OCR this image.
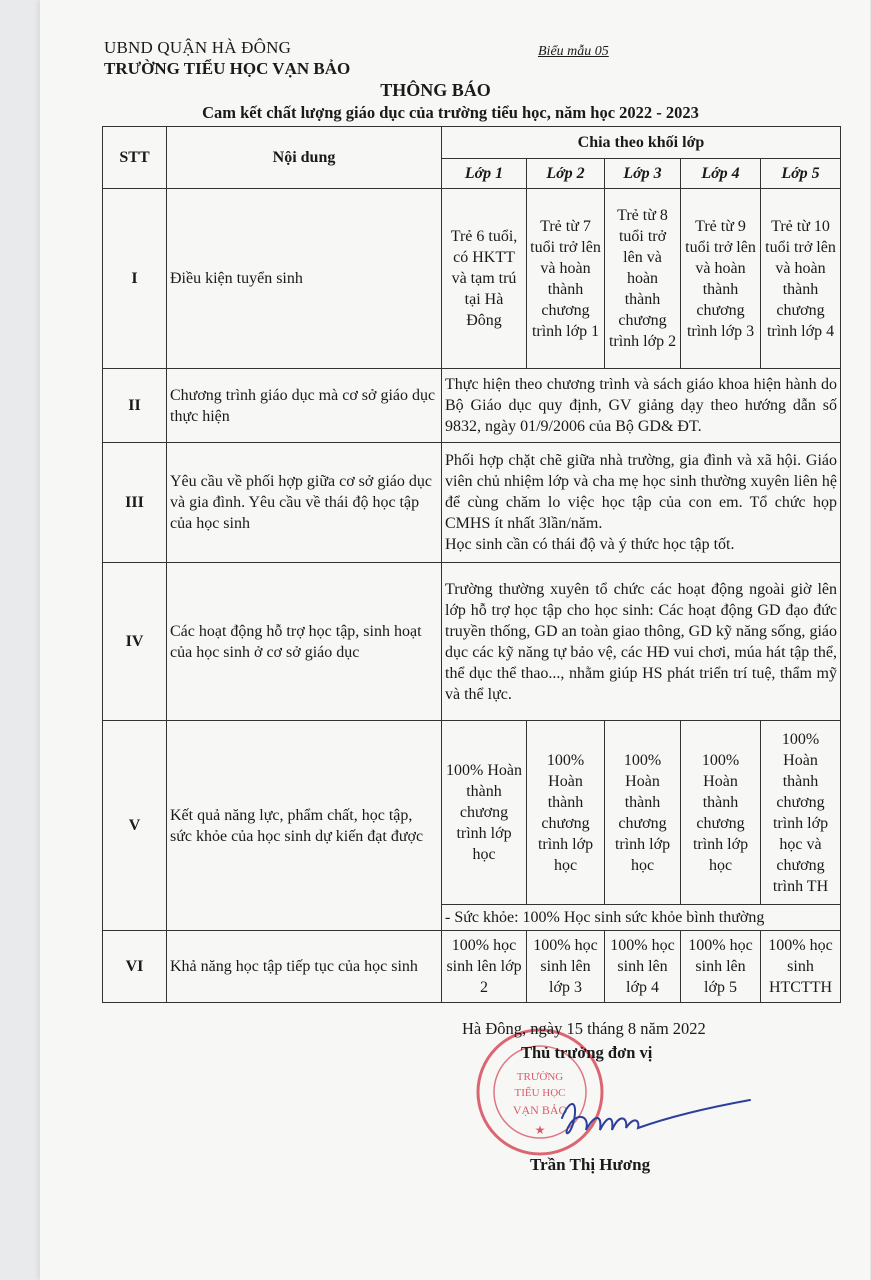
UBND QUẬN HÀ ĐÔNG
TRƯỜNG TIỂU HỌC VẠN BẢO
Biểu mẫu 05
THÔNG BÁO
Cam kết chất lượng giáo dục của trường tiểu học, năm học 2022 - 2023
STT	Nội dung	Chia theo khối lớp				
		Lớp 1	Lớp 2	Lớp 3	Lớp 4	Lớp 5
I	Điều kiện tuyển sinh	Trẻ 6 tuổi, có HKTT và tạm trú tại Hà Đông	Trẻ từ 7 tuổi trở lên và hoàn thành chương trình lớp 1	Trẻ từ 8 tuổi trở lên và hoàn thành chương trình lớp 2	Trẻ từ 9 tuổi trở lên và hoàn thành chương trình lớp 3	Trẻ từ 10 tuổi trở lên và hoàn thành chương trình lớp 4
II	Chương trình giáo dục mà cơ sở giáo dục thực hiện	Thực hiện theo chương trình và sách giáo khoa hiện hành do Bộ Giáo dục quy định, GV giảng dạy theo hướng dẫn số 9832, ngày 01/9/2006 của Bộ GD& ĐT.				
III	Yêu cầu về phối hợp giữa cơ sở giáo dục và gia đình. Yêu cầu về thái độ học tập của học sinh	Phối hợp chặt chẽ giữa nhà trường, gia đình và xã hội. Giáo viên chủ nhiệm lớp và cha mẹ học sinh thường xuyên liên hệ để cùng chăm lo việc học tập của con em. Tổ chức họp CMHS ít nhất 3lần/năm.
Học sinh cần có thái độ và ý thức học tập tốt.				

IV	Các hoạt động hỗ trợ học tập, sinh hoạt của học sinh ở cơ sở giáo dục	Trường thường xuyên tổ chức các hoạt động ngoài giờ lên lớp hỗ trợ học tập cho học sinh: Các hoạt động GD đạo đức truyền thống, GD an toàn giao thông, GD kỹ năng sống, giáo dục các kỹ năng tự bảo vệ, các HĐ vui chơi, múa hát tập thể, thể dục thể thao..., nhằm giúp HS phát triển trí tuệ, thẩm mỹ và thể lực.				
V	Kết quả năng lực, phẩm chất, học tập, sức khỏe của học sinh dự kiến đạt được	100% Hoàn thành chương trình lớp học	100% Hoàn thành chương trình lớp học	100% Hoàn thành chương trình lớp học	100% Hoàn thành chương trình lớp học	100% Hoàn thành chương trình lớp học và chương trình TH
		- Sức khỏe: 100% Học sinh sức khỏe bình thường				
VI	Khả năng học tập tiếp tục của học sinh	100% học sinh lên lớp 2	100% học sinh lên lớp 3	100% học sinh lên lớp 4	100% học sinh lên lớp 5	100% học sinh HTCTTH
TRƯỜNG
TIỂU HỌC
VẠN BẢO
★
Hà Đông, ngày 15 tháng 8 năm 2022
Thủ trưởng đơn vị
Trần Thị Hương
